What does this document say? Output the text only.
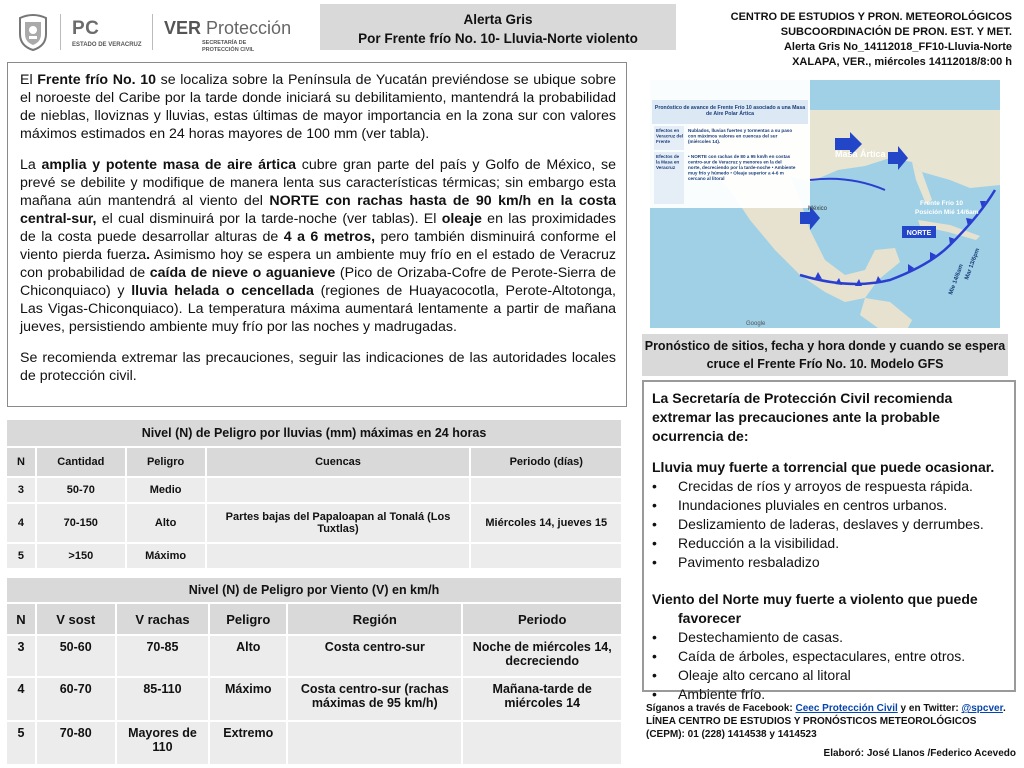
PC
ESTADO DE VERACRUZ
VER Protección
SECRETARÍA DE
PROTECCIÓN CIVIL
Alerta Gris
Por Frente frío No. 10- Lluvia-Norte violento
CENTRO DE ESTUDIOS Y PRON. METEOROLÓGICOS
SUBCOORDINACIÓN DE PRON. EST. Y MET.
Alerta Gris No_14112018_FF10-Lluvia-Norte
XALAPA, VER., miércoles 14112018/8:00 h

El Frente frío No. 10 se localiza sobre la Península de Yucatán previéndose se ubique sobre el noroeste del Caribe por la tarde donde iniciará su debilitamiento, mantendrá la probabilidad de nieblas, lloviznas y lluvias, estas últimas de mayor importancia en la zona sur con valores máximos estimados en 24 horas mayores de 100 mm (ver tabla).

La amplia y potente masa de aire ártica cubre gran parte del país y Golfo de México, se prevé se debilite y modifique de manera lenta sus características térmicas; sin embargo esta mañana aún mantendrá al viento del NORTE con rachas hasta de 90 km/h en la costa central-sur, el cual disminuirá por la tarde-noche (ver tablas). El oleaje en las proximidades de la costa puede desarrollar alturas de 4 a 6 metros, pero también disminuirá conforme el viento pierda fuerza. Asimismo hoy se espera un ambiente muy frío en el estado de Veracruz con probabilidad de caída de nieve o aguanieve (Pico de Orizaba-Cofre de Perote-Sierra de Chiconquiaco) y lluvia helada o cencellada (regiones de Huayacocotla, Perote-Altotonga, Las Vigas-Chiconquiaco). La temperatura máxima aumentará lentamente a partir de mañana jueves, persistiendo ambiente muy frío por las noches y madrugadas.

Se recomienda extremar las precauciones, seguir las indicaciones de las autoridades locales de protección civil.

Pronóstico de avance de Frente Frío 10 asociado a una Masa de Aire Polar Ártica
Efectos en Veracruz del Frente
Efectos de la Masa en Veracruz
Nublados, lluvias fuertes y tormentas a su paso con máximos valores en cuencas del sur (miércoles 14).
• NORTE con rachas de 80 a 95 km/h en costas centro-sur de Veracruz y menores en la del norte, decreciendo por la tarde-noche • Ambiente muy frío y húmedo • Oleaje superior a 4-6 m cercano al litoral
Masa Ártica
Frente Frío 10
Posición Mié 14/6am
México
NORTE
Mar 13/6pm
Mie 14/6am
Google
Pronóstico de sitios, fecha y hora donde y cuando se espera cruce el Frente Frío No. 10. Modelo GFS
La Secretaría de Protección Civil recomienda extremar las precauciones ante la probable ocurrencia de:
Lluvia muy fuerte a torrencial que puede ocasionar.
• Crecidas de ríos y arroyos de respuesta rápida.
• Inundaciones pluviales en centros urbanos.
• Deslizamiento de laderas, deslaves y derrumbes.
• Reducción a la visibilidad.
• Pavimento resbaladizo
Viento del Norte muy fuerte a violento que puede favorecer
• Destechamiento de casas.
• Caída de árboles, espectaculares, entre otros.
• Oleaje alto cercano al litoral
• Ambiente frío.
Síganos a través de Facebook: Ceec Protección Civil y en Twitter: @spcver.
LÍNEA CENTRO DE ESTUDIOS Y PRONÓSTICOS METEOROLÓGICOS (CEPM): 01 (228) 1414538 y 1414523
Elaboró: José Llanos /Federico Acevedo
Nivel (N) de Peligro por lluvias (mm) máximas en 24 horas				
N	Cantidad	Peligro	Cuencas	Periodo (días)
3	50-70	Medio		
4	70-150	Alto	Partes bajas del Papaloapan al Tonalá (Los Tuxtlas)	Miércoles 14, jueves 15
5	>150	Máximo		
Nivel (N) de Peligro por Viento (V) en km/h					
N	V sost	V rachas	Peligro	Región	Periodo
3	50-60	70-85	Alto	Costa centro-sur	Noche de miércoles 14, decreciendo
4	60-70	85-110	Máximo	Costa centro-sur (rachas máximas de 95 km/h)	Mañana-tarde de miércoles 14
5	70-80	Mayores de 110	Extremo		
